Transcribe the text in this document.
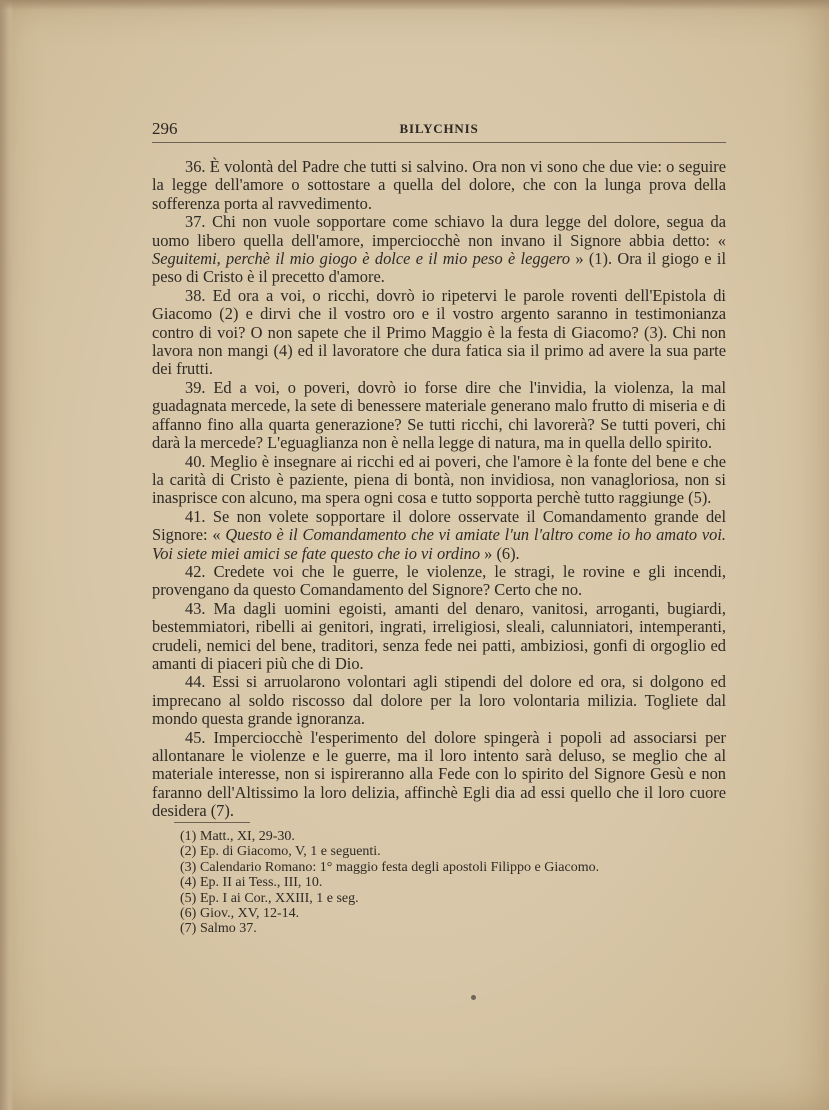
296	BILYCHNIS

36. È volontà del Padre che tutti si salvino. Ora non vi sono che due vie: o seguire la legge dell'amore o sottostare a quella del dolore, che con la lunga prova della sofferenza porta al ravvedimento.

37. Chi non vuole sopportare come schiavo la dura legge del dolore, segua da uomo libero quella dell'amore, imperciocchè non invano il Signore abbia detto: « Seguitemi, perchè il mio giogo è dolce e il mio peso è leggero » (1). Ora il giogo e il peso di Cristo è il precetto d'amore.

38. Ed ora a voi, o ricchi, dovrò io ripetervi le parole roventi dell'Epistola di Giacomo (2) e dirvi che il vostro oro e il vostro argento saranno in testimonianza contro di voi? O non sapete che il Primo Maggio è la festa di Giacomo? (3). Chi non lavora non mangi (4) ed il lavoratore che dura fatica sia il primo ad avere la sua parte dei frutti.

39. Ed a voi, o poveri, dovrò io forse dire che l'invidia, la violenza, la mal guadagnata mercede, la sete di benessere materiale generano malo frutto di miseria e di affanno fino alla quarta generazione? Se tutti ricchi, chi lavorerà? Se tutti poveri, chi darà la mercede? L'eguaglianza non è nella legge di natura, ma in quella dello spirito.

40. Meglio è insegnare ai ricchi ed ai poveri, che l'amore è la fonte del bene e che la carità di Cristo è paziente, piena di bontà, non invidiosa, non vanagloriosa, non si inasprisce con alcuno, ma spera ogni cosa e tutto sopporta perchè tutto raggiunge (5).

41. Se non volete sopportare il dolore osservate il Comandamento grande del Signore: « Questo è il Comandamento che vi amiate l'un l'altro come io ho amato voi. Voi siete miei amici se fate questo che io vi ordino » (6).

42. Credete voi che le guerre, le violenze, le stragi, le rovine e gli incendi, provengano da questo Comandamento del Signore? Certo che no.

43. Ma dagli uomini egoisti, amanti del denaro, vanitosi, arroganti, bugiardi, bestemmiatori, ribelli ai genitori, ingrati, irreligiosi, sleali, calunniatori, intemperanti, crudeli, nemici del bene, traditori, senza fede nei patti, ambiziosi, gonfi di orgoglio ed amanti di piaceri più che di Dio.

44. Essi si arruolarono volontari agli stipendi del dolore ed ora, si dolgono ed imprecano al soldo riscosso dal dolore per la loro volontaria milizia. Togliete dal mondo questa grande ignoranza.

45. Imperciocchè l'esperimento del dolore spingerà i popoli ad associarsi per allontanare le violenze e le guerre, ma il loro intento sarà deluso, se meglio che al materiale interesse, non si ispireranno alla Fede con lo spirito del Signore Gesù e non faranno dell'Altissimo la loro delizia, affinchè Egli dia ad essi quello che il loro cuore desidera (7).

(1) Matt., XI, 29-30.

(2) Ep. di Giacomo, V, 1 e seguenti.

(3) Calendario Romano: 1° maggio festa degli apostoli Filippo e Giacomo.

(4) Ep. II ai Tess., III, 10.

(5) Ep. I ai Cor., XXIII, 1 e seg.

(6) Giov., XV, 12-14.

(7) Salmo 37.
